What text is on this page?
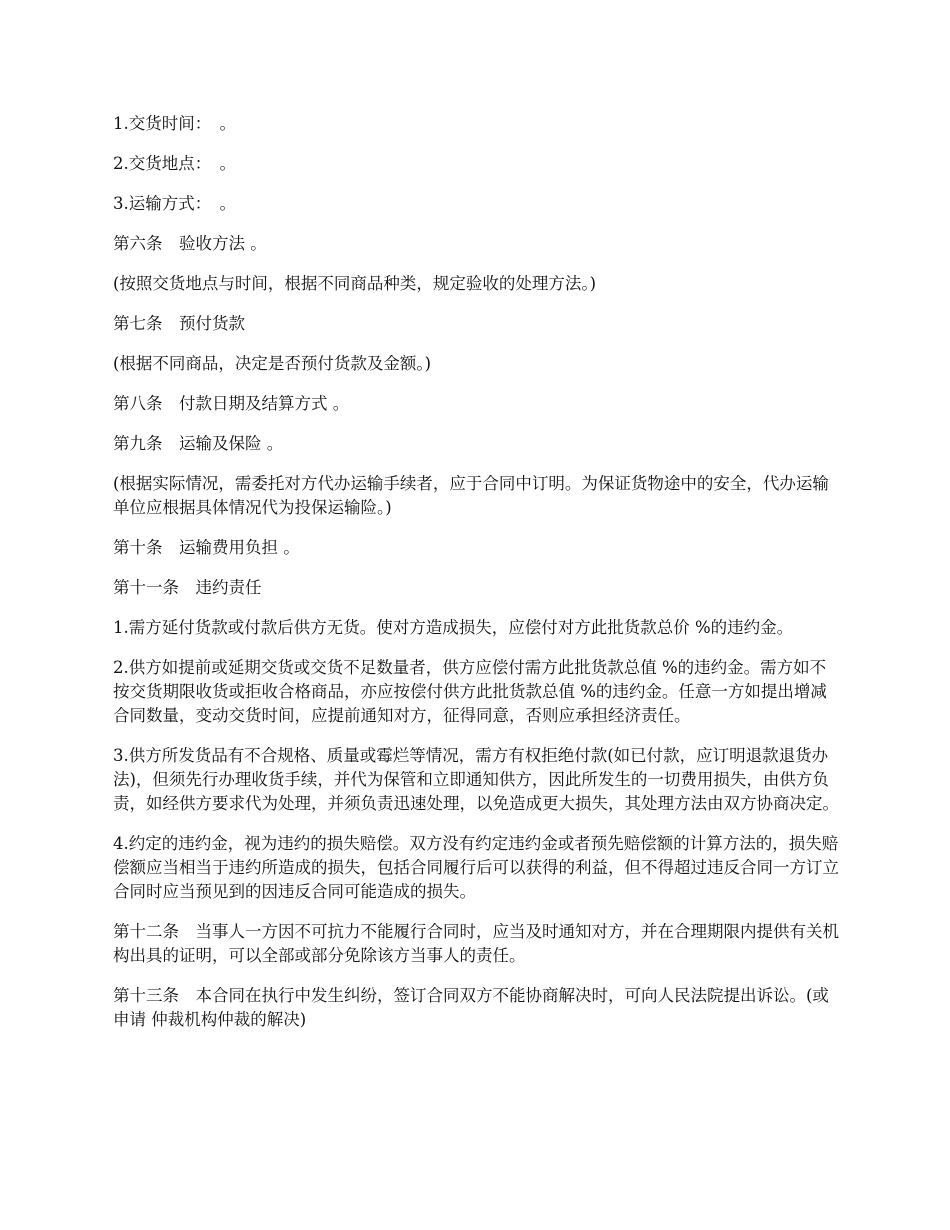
1.交货时间：　。

2.交货地点：　。

3.运输方式：　。

第六条　验收方法 。

(按照交货地点与时间，根据不同商品种类，规定验收的处理方法。)

第七条　预付货款

(根据不同商品，决定是否预付货款及金额。)

第八条　付款日期及结算方式 。

第九条　运输及保险 。

(根据实际情况，需委托对方代办运输手续者，应于合同中订明。为保证货物途中的安全，代办运输单位应根据具体情况代为投保运输险。)

第十条　运输费用负担 。

第十一条　违约责任

1.需方延付货款或付款后供方无货。使对方造成损失，应偿付对方此批货款总价 %的违约金。

2.供方如提前或延期交货或交货不足数量者，供方应偿付需方此批货款总值 %的违约金。需方如不按交货期限收货或拒收合格商品，亦应按偿付供方此批货款总值 %的违约金。任意一方如提出增减合同数量，变动交货时间，应提前通知对方，征得同意，否则应承担经济责任。

3.供方所发货品有不合规格、质量或霉烂等情况，需方有权拒绝付款(如已付款，应订明退款退货办法)，但须先行办理收货手续，并代为保管和立即通知供方，因此所发生的一切费用损失，由供方负责，如经供方要求代为处理，并须负责迅速处理，以免造成更大损失，其处理方法由双方协商决定。

4.约定的违约金，视为违约的损失赔偿。双方没有约定违约金或者预先赔偿额的计算方法的，损失赔偿额应当相当于违约所造成的损失，包括合同履行后可以获得的利益，但不得超过违反合同一方订立合同时应当预见到的因违反合同可能造成的损失。

第十二条　当事人一方因不可抗力不能履行合同时，应当及时通知对方，并在合理期限内提供有关机构出具的证明，可以全部或部分免除该方当事人的责任。

第十三条　本合同在执行中发生纠纷，签订合同双方不能协商解决时，可向人民法院提出诉讼。(或申请 仲裁机构仲裁的解决)
